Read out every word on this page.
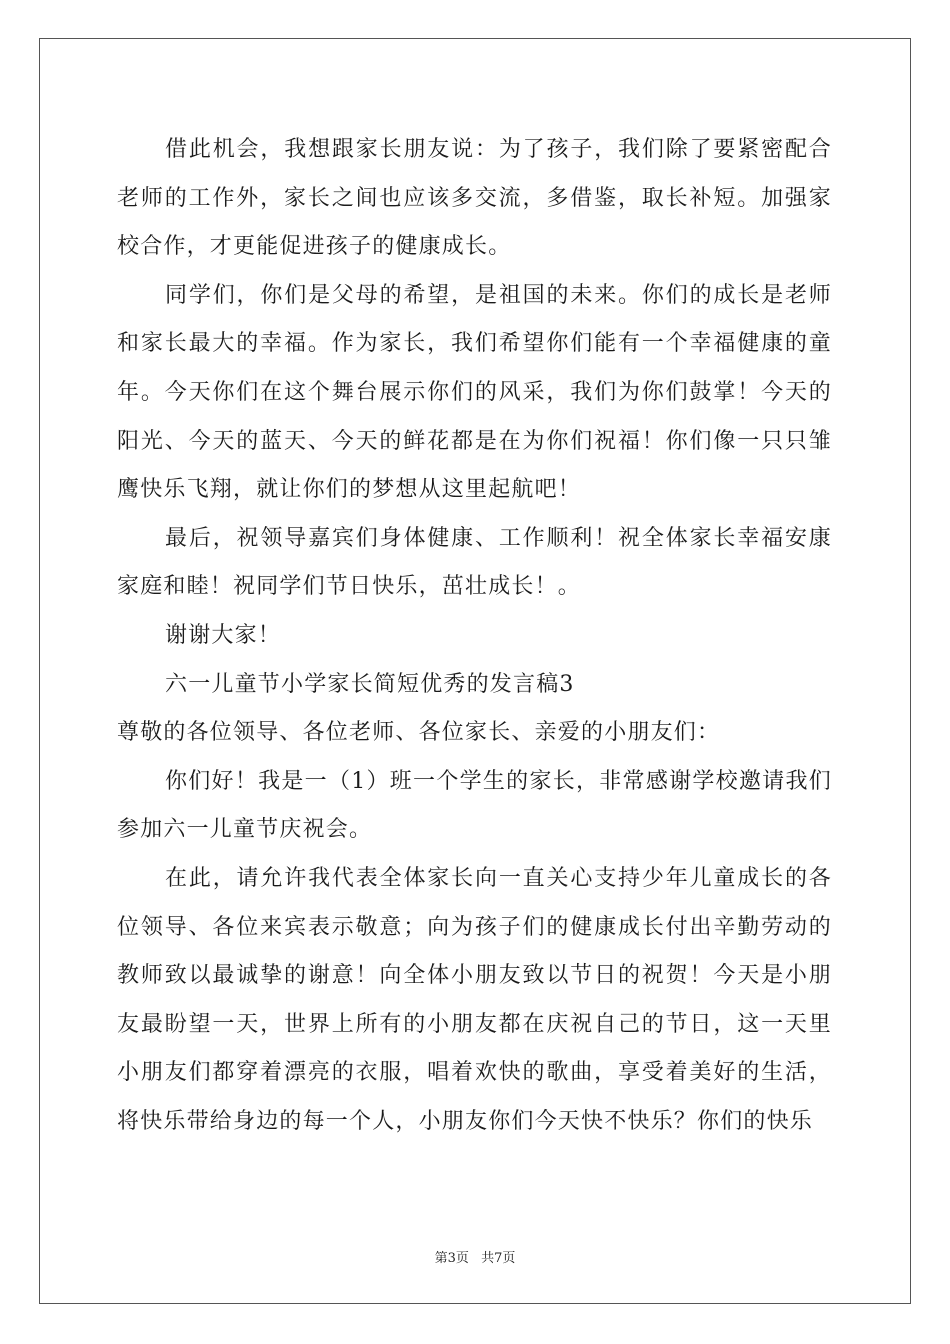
借此机会，我想跟家长朋友说：为了孩子，我们除了要紧密配合老师的工作外，家长之间也应该多交流，多借鉴，取长补短。加强家校合作，才更能促进孩子的健康成长。

同学们，你们是父母的希望，是祖国的未来。你们的成长是老师和家长最大的幸福。作为家长，我们希望你们能有一个幸福健康的童年。今天你们在这个舞台展示你们的风采，我们为你们鼓掌！今天的阳光、今天的蓝天、今天的鲜花都是在为你们祝福！你们像一只只雏鹰快乐飞翔，就让你们的梦想从这里起航吧！

最后，祝领导嘉宾们身体健康、工作顺利！祝全体家长幸福安康家庭和睦！祝同学们节日快乐，茁壮成长！。

谢谢大家！

六一儿童节小学家长简短优秀的发言稿3

尊敬的各位领导、各位老师、各位家长、亲爱的小朋友们：

你们好！我是一（1）班一个学生的家长，非常感谢学校邀请我们参加六一儿童节庆祝会。

在此，请允许我代表全体家长向一直关心支持少年儿童成长的各位领导、各位来宾表示敬意；向为孩子们的健康成长付出辛勤劳动的教师致以最诚挚的谢意！向全体小朋友致以节日的祝贺！今天是小朋友最盼望一天，世界上所有的小朋友都在庆祝自己的节日，这一天里小朋友们都穿着漂亮的衣服，唱着欢快的歌曲，享受着美好的生活，将快乐带给身边的每一个人，小朋友你们今天快不快乐？你们的快乐

第3页 共7页
